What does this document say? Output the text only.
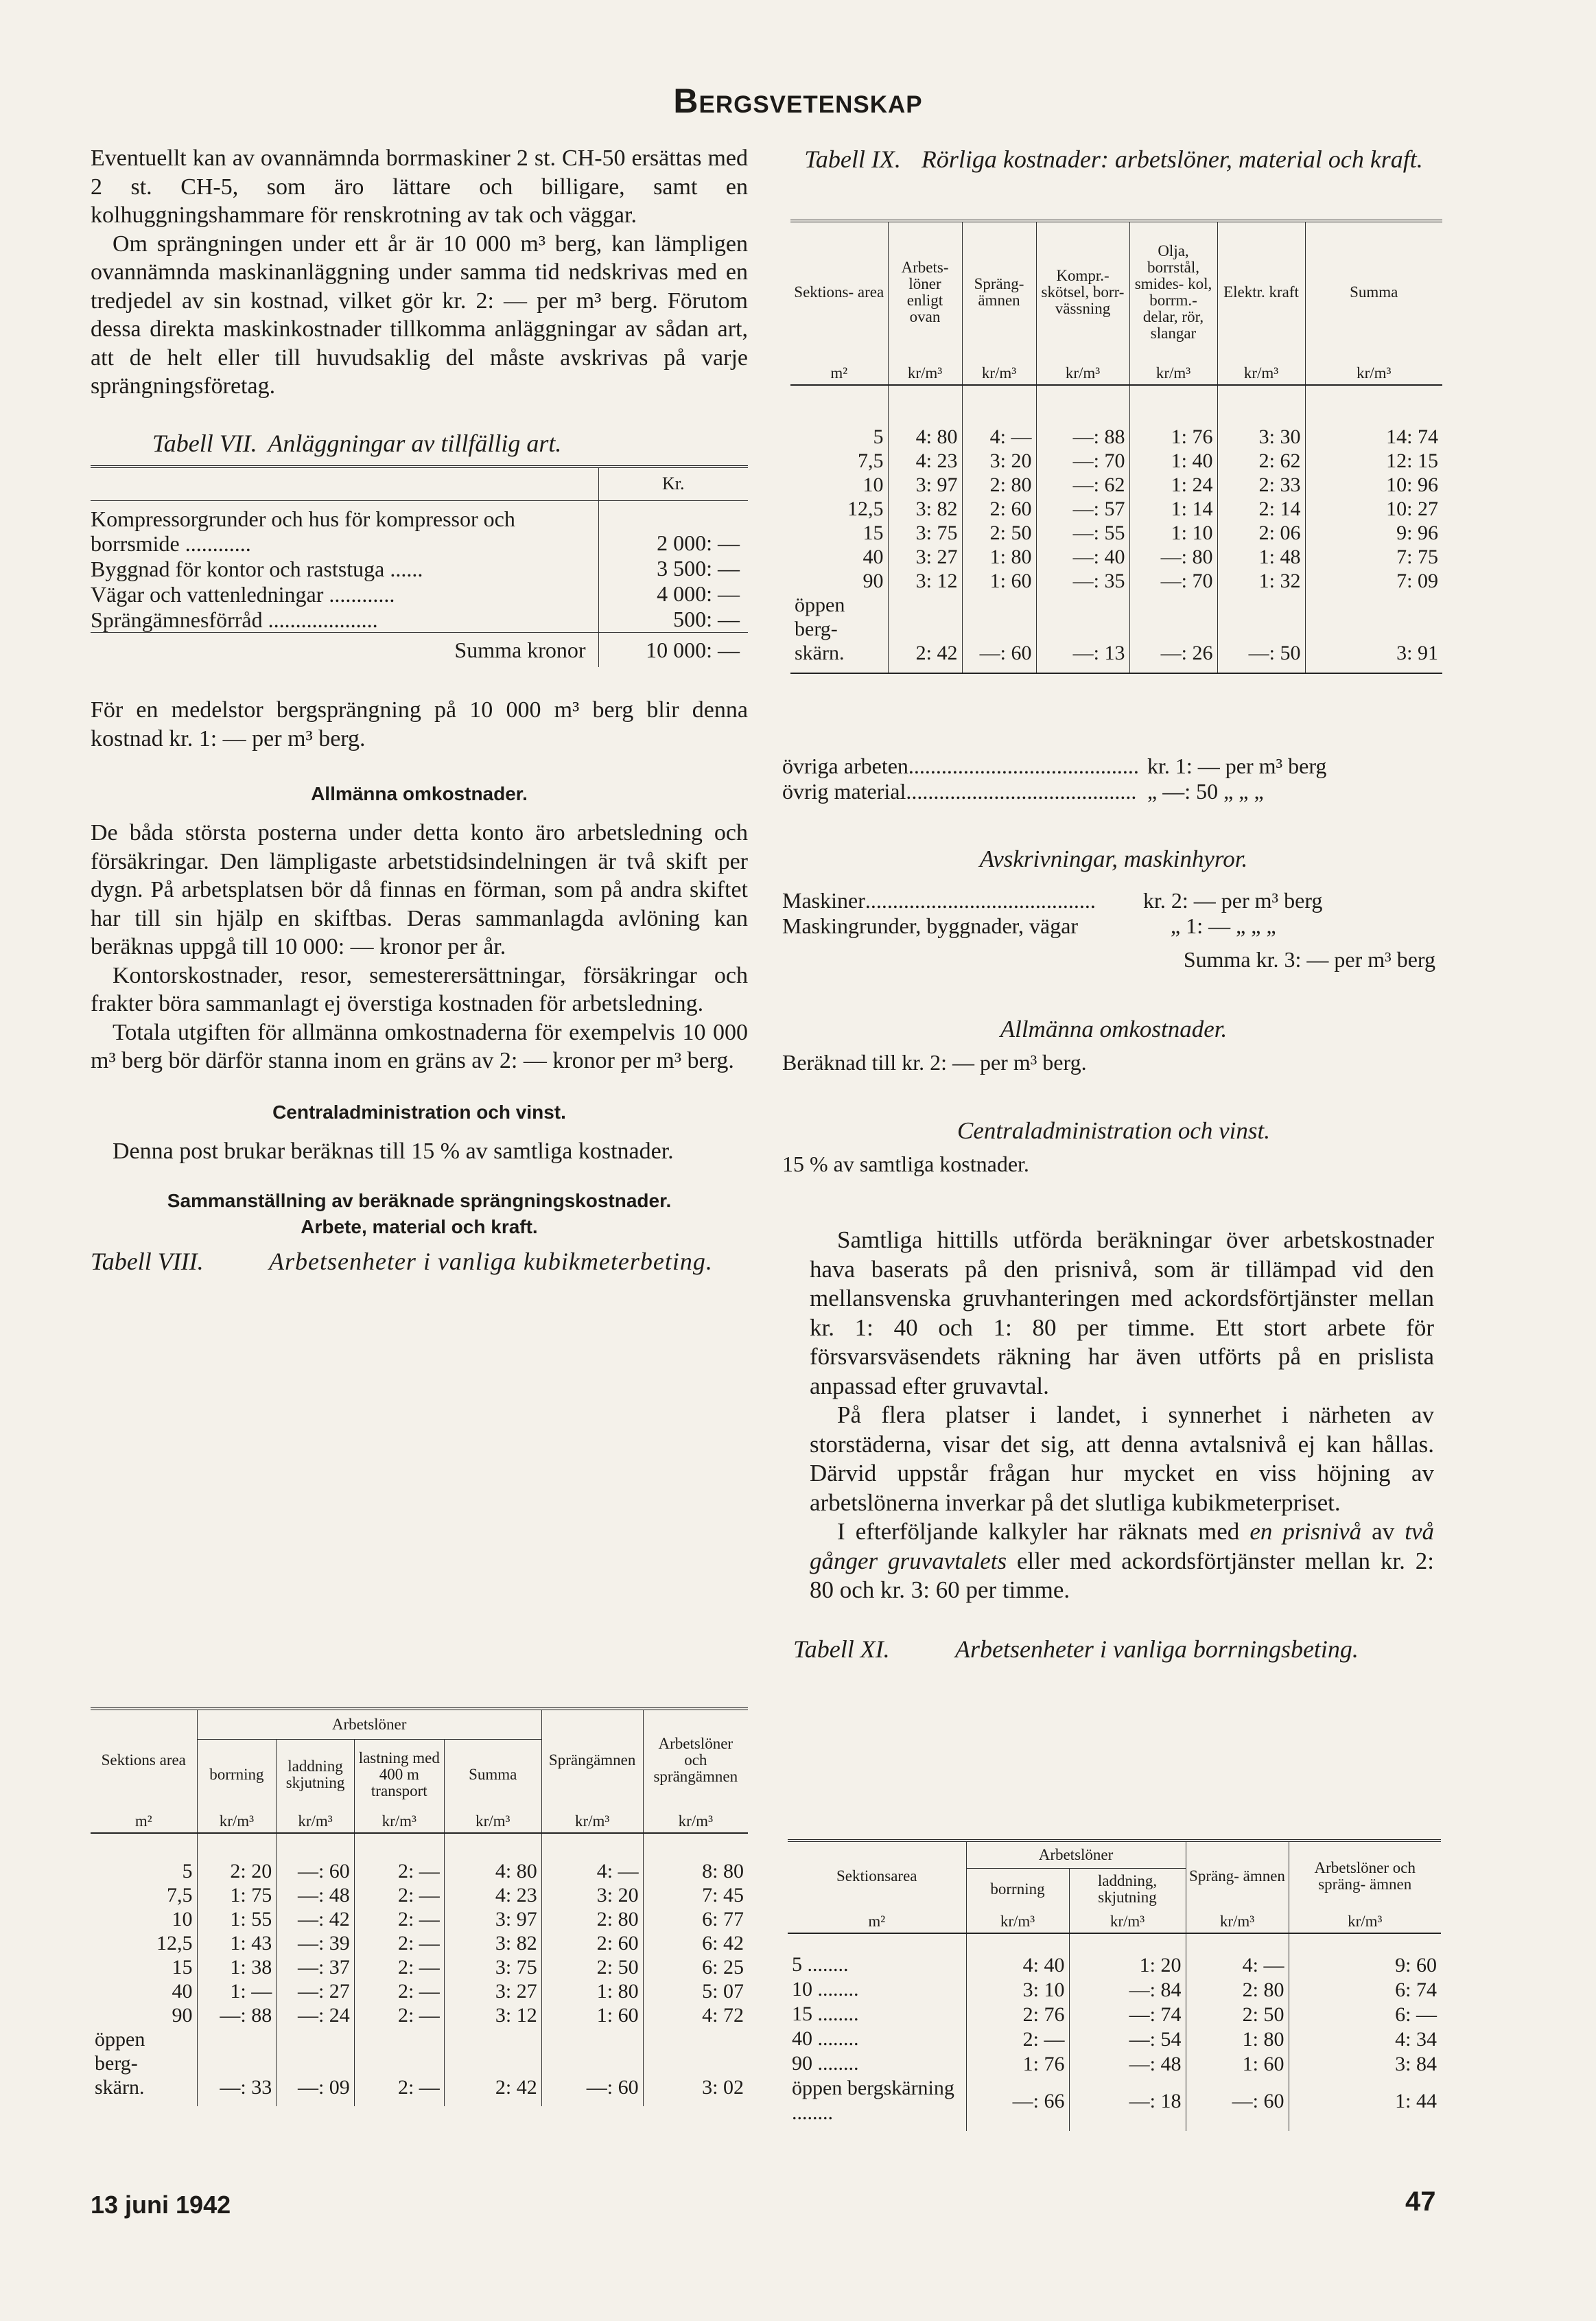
Bergsvetenskap

Eventuellt kan av ovannämnda borrmaskiner 2 st. CH-50 ersättas med 2 st. CH-5, som äro lättare och billigare, samt en kolhuggningshammare för renskrotning av tak och väggar.

Om sprängningen under ett år är 10 000 m³ berg, kan lämpligen ovannämnda maskinanläggning under samma tid nedskrivas med en tredjedel av sin kostnad, vilket gör kr. 2: — per m³ berg. Förutom dessa direkta maskinkostnader tillkomma anläggningar av sådan art, att de helt eller till huvudsaklig del måste avskrivas på varje sprängningsföretag.

Tabell VII. Anläggningar av tillfällig art.
	Kr.
Kompressorgrunder och hus för kompressor och borrsmide ............	2 000: —
Byggnad för kontor och raststuga ......	3 500: —
Vägar och vattenledningar ............	4 000: —
Sprängämnesförråd ....................	500: —
Summa kronor	10 000: —

För en medelstor bergsprängning på 10 000 m³ berg blir denna kostnad kr. 1: — per m³ berg.

Allmänna omkostnader.

De båda största posterna under detta konto äro arbetsledning och försäkringar. Den lämpligaste arbetstidsindelningen är två skift per dygn. På arbetsplatsen bör då finnas en förman, som på andra skiftet har till sin hjälp en skiftbas. Deras sammanlagda avlöning kan beräknas uppgå till 10 000: — kronor per år.

Kontorskostnader, resor, semesterersättningar, försäkringar och frakter böra sammanlagt ej överstiga kostnaden för arbetsledning.

Totala utgiften för allmänna omkostnaderna för exempelvis 10 000 m³ berg bör därför stanna inom en gräns av 2: — kronor per m³ berg.

Centraladministration och vinst.

Denna post brukar beräknas till 15 % av samtliga kostnader.

Sammanställning av beräknade sprängningskostnader.
Arbete, material och kraft.
Tabell VIII.	Arbetsenheter i vanliga kubikmeterbeting.
Sektions area	Arbetslöner				Sprängämnen	Arbetslöner och sprängämnen
	borrning	laddning skjutning	lastning med 400 m transport	Summa		
m²	kr/m³	kr/m³	kr/m³	kr/m³	kr/m³	kr/m³

5	2: 20	—: 60	2: —	4: 80	4: —	8: 80
7,5	1: 75	—: 48	2: —	4: 23	3: 20	7: 45
10	1: 55	—: 42	2: —	3: 97	2: 80	6: 77
12,5	1: 43	—: 39	2: —	3: 82	2: 60	6: 42
15	1: 38	—: 37	2: —	3: 75	2: 50	6: 25
40	1: —	—: 27	2: —	3: 27	1: 80	5: 07
90	—: 88	—: 24	2: —	3: 12	1: 60	4: 72
öppen						
berg-						
skärn.	—: 33	—: 09	2: —	2: 42	—: 60	3: 02

Tabell IX. Rörliga kostnader: arbetslöner, material och kraft.
Sektions- area	Arbets- löner enligt ovan	Spräng- ämnen	Kompr.- skötsel, borr- vässning	Olja, borrstål, smides- kol, borrm.- delar, rör, slangar	Elektr. kraft	Summa
m²	kr/m³	kr/m³	kr/m³	kr/m³	kr/m³	kr/m³

5	4: 80	4: —	—: 88	1: 76	3: 30	14: 74
7,5	4: 23	3: 20	—: 70	1: 40	2: 62	12: 15
10	3: 97	2: 80	—: 62	1: 24	2: 33	10: 96
12,5	3: 82	2: 60	—: 57	1: 14	2: 14	10: 27
15	3: 75	2: 50	—: 55	1: 10	2: 06	9: 96
40	3: 27	1: 80	—: 40	—: 80	1: 48	7: 75
90	3: 12	1: 60	—: 35	—: 70	1: 32	7: 09
öppen						
berg-						
skärn.	2: 42	—: 60	—: 13	—: 26	—: 50	3: 91

övriga arbeten .......................................... kr. 1: — per m³ berg
övrig material .......................................... „ —: 50 „ „ „
Avskrivningar, maskinhyror.
Maskiner ..........................................	kr. 2: — per m³ berg
Maskingrunder, byggnader, vägar	„ 1: — „ „ „
Summa kr. 3: — per m³ berg
Allmänna omkostnader.
Beräknad till kr. 2: — per m³ berg.
Centraladministration och vinst.
15 % av samtliga kostnader.

Samtliga hittills utförda beräkningar över arbetskostnader hava baserats på den prisnivå, som är tillämpad vid den mellansvenska gruvhanteringen med ackordsförtjänster mellan kr. 1: 40 och 1: 80 per timme. Ett stort arbete för försvarsväsendets räkning har även utförts på en prislista anpassad efter gruvavtal.

På flera platser i landet, i synnerhet i närheten av storstäderna, visar det sig, att denna avtalsnivå ej kan hållas. Därvid uppstår frågan hur mycket en viss höjning av arbetslönerna inverkar på det slutliga kubikmeterpriset.

I efterföljande kalkyler har räknats med en prisnivå av två gånger gruvavtalets eller med ackordsförtjänster mellan kr. 2: 80 och kr. 3: 60 per timme.

Tabell XI.	Arbetsenheter i vanliga borrningsbeting.
Sektionsarea	Arbetslöner		Spräng- ämnen	Arbetslöner och spräng- ämnen
	borrning	laddning, skjutning		
m²	kr/m³	kr/m³	kr/m³	kr/m³

5 ........	4: 40	1: 20	4: —	9: 60
10 ........	3: 10	—: 84	2: 80	6: 74
15 ........	2: 76	—: 74	2: 50	6: —
40 ........	2: —	—: 54	1: 80	4: 34
90 ........	1: 76	—: 48	1: 60	3: 84
öppen bergskärning ........	—: 66	—: 18	—: 60	1: 44

13 juni 1942	47
